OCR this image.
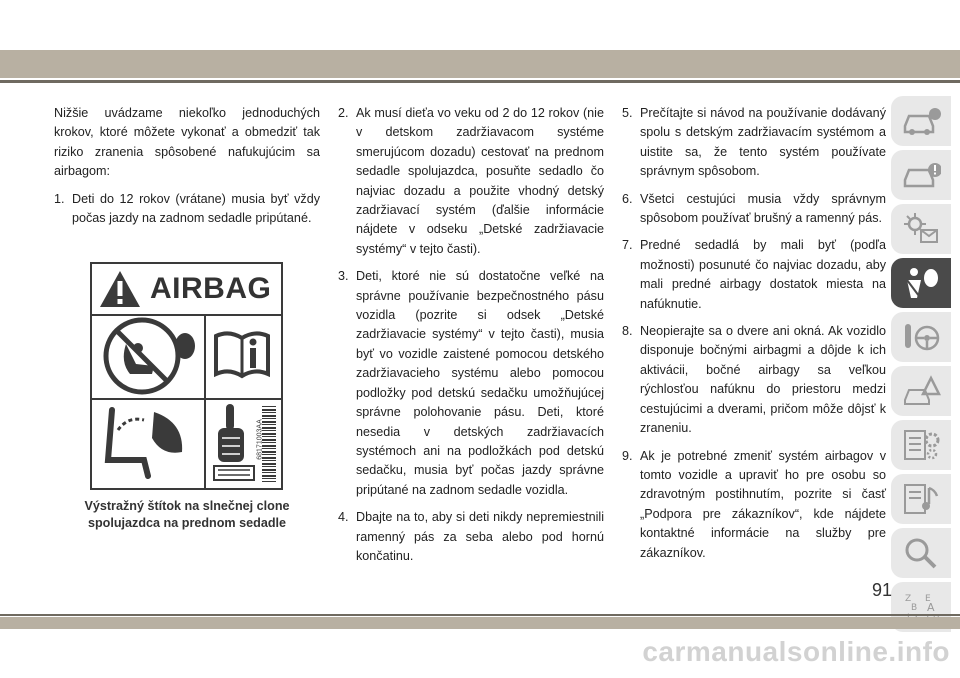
Nižšie uvádzame niekoľko jednoduchých krokov, ktoré môžete vykonať a obmedziť tak riziko zranenia spôsobené nafukujúcim sa airbagom:

1. Deti do 12 rokov (vrátane) musia byť vždy počas jazdy na zadnom sedadle pripútané.
AIRBAG
68171003AA
Výstražný štítok na slnečnej clone
spolujazdca na prednom sedadle
2. Ak musí dieťa vo veku od 2 do 12 rokov (nie v detskom zadržiavacom systéme smerujúcom dozadu) cestovať na prednom sedadle spolujazdca, posuňte sedadlo čo najviac dozadu a použite vhodný detský zadržiavací systém (ďalšie informácie nájdete v odseku „Detské zadržiavacie systémy“ v tejto časti).
3. Deti, ktoré nie sú dostatočne veľké na správne používanie bezpečnostného pásu vozidla (pozrite si odsek „Detské zadržiavacie systémy“ v tejto časti), musia byť vo vozidle zaistené pomocou detského zadržiavacieho systému alebo pomocou podložky pod detskú sedačku umožňujúcej správne polohovanie pásu. Deti, ktoré nesedia v detských zadržiavacích systémoch ani na podložkách pod detskú sedačku, musia byť počas jazdy správne pripútané na zadnom sedadle vozidla.
4. Dbajte na to, aby si deti nikdy nepremiestnili ramenný pás za seba alebo pod hornú končatinu.
5. Prečítajte si návod na používanie dodávaný spolu s detským zadržiavacím systémom a uistite sa, že tento systém používate správnym spôsobom.
6. Všetci cestujúci musia vždy správnym spôsobom používať brušný a ramenný pás.
7. Predné sedadlá by mali byť (podľa možnosti) posunuté čo najviac dozadu, aby mali predné airbagy dostatok miesta na nafúknutie.
8. Neopierajte sa o dvere ani okná. Ak vozidlo disponuje bočnými airbagmi a dôjde k ich aktivácii, bočné airbagy sa veľkou rýchlosťou nafúknu do priestoru medzi cestujúcimi a dverami, pričom môže dôjsť k zraneniu.
9. Ak je potrebné zmeniť systém airbagov v tomto vozidle a upraviť ho pre osobu so zdravotným postihnutím, pozrite si časť „Podpora pre zákazníkov“, kde nájdete kontaktné informácie na služby pre zákazníkov.
Z E
B A
91
carmanualsonline.info
